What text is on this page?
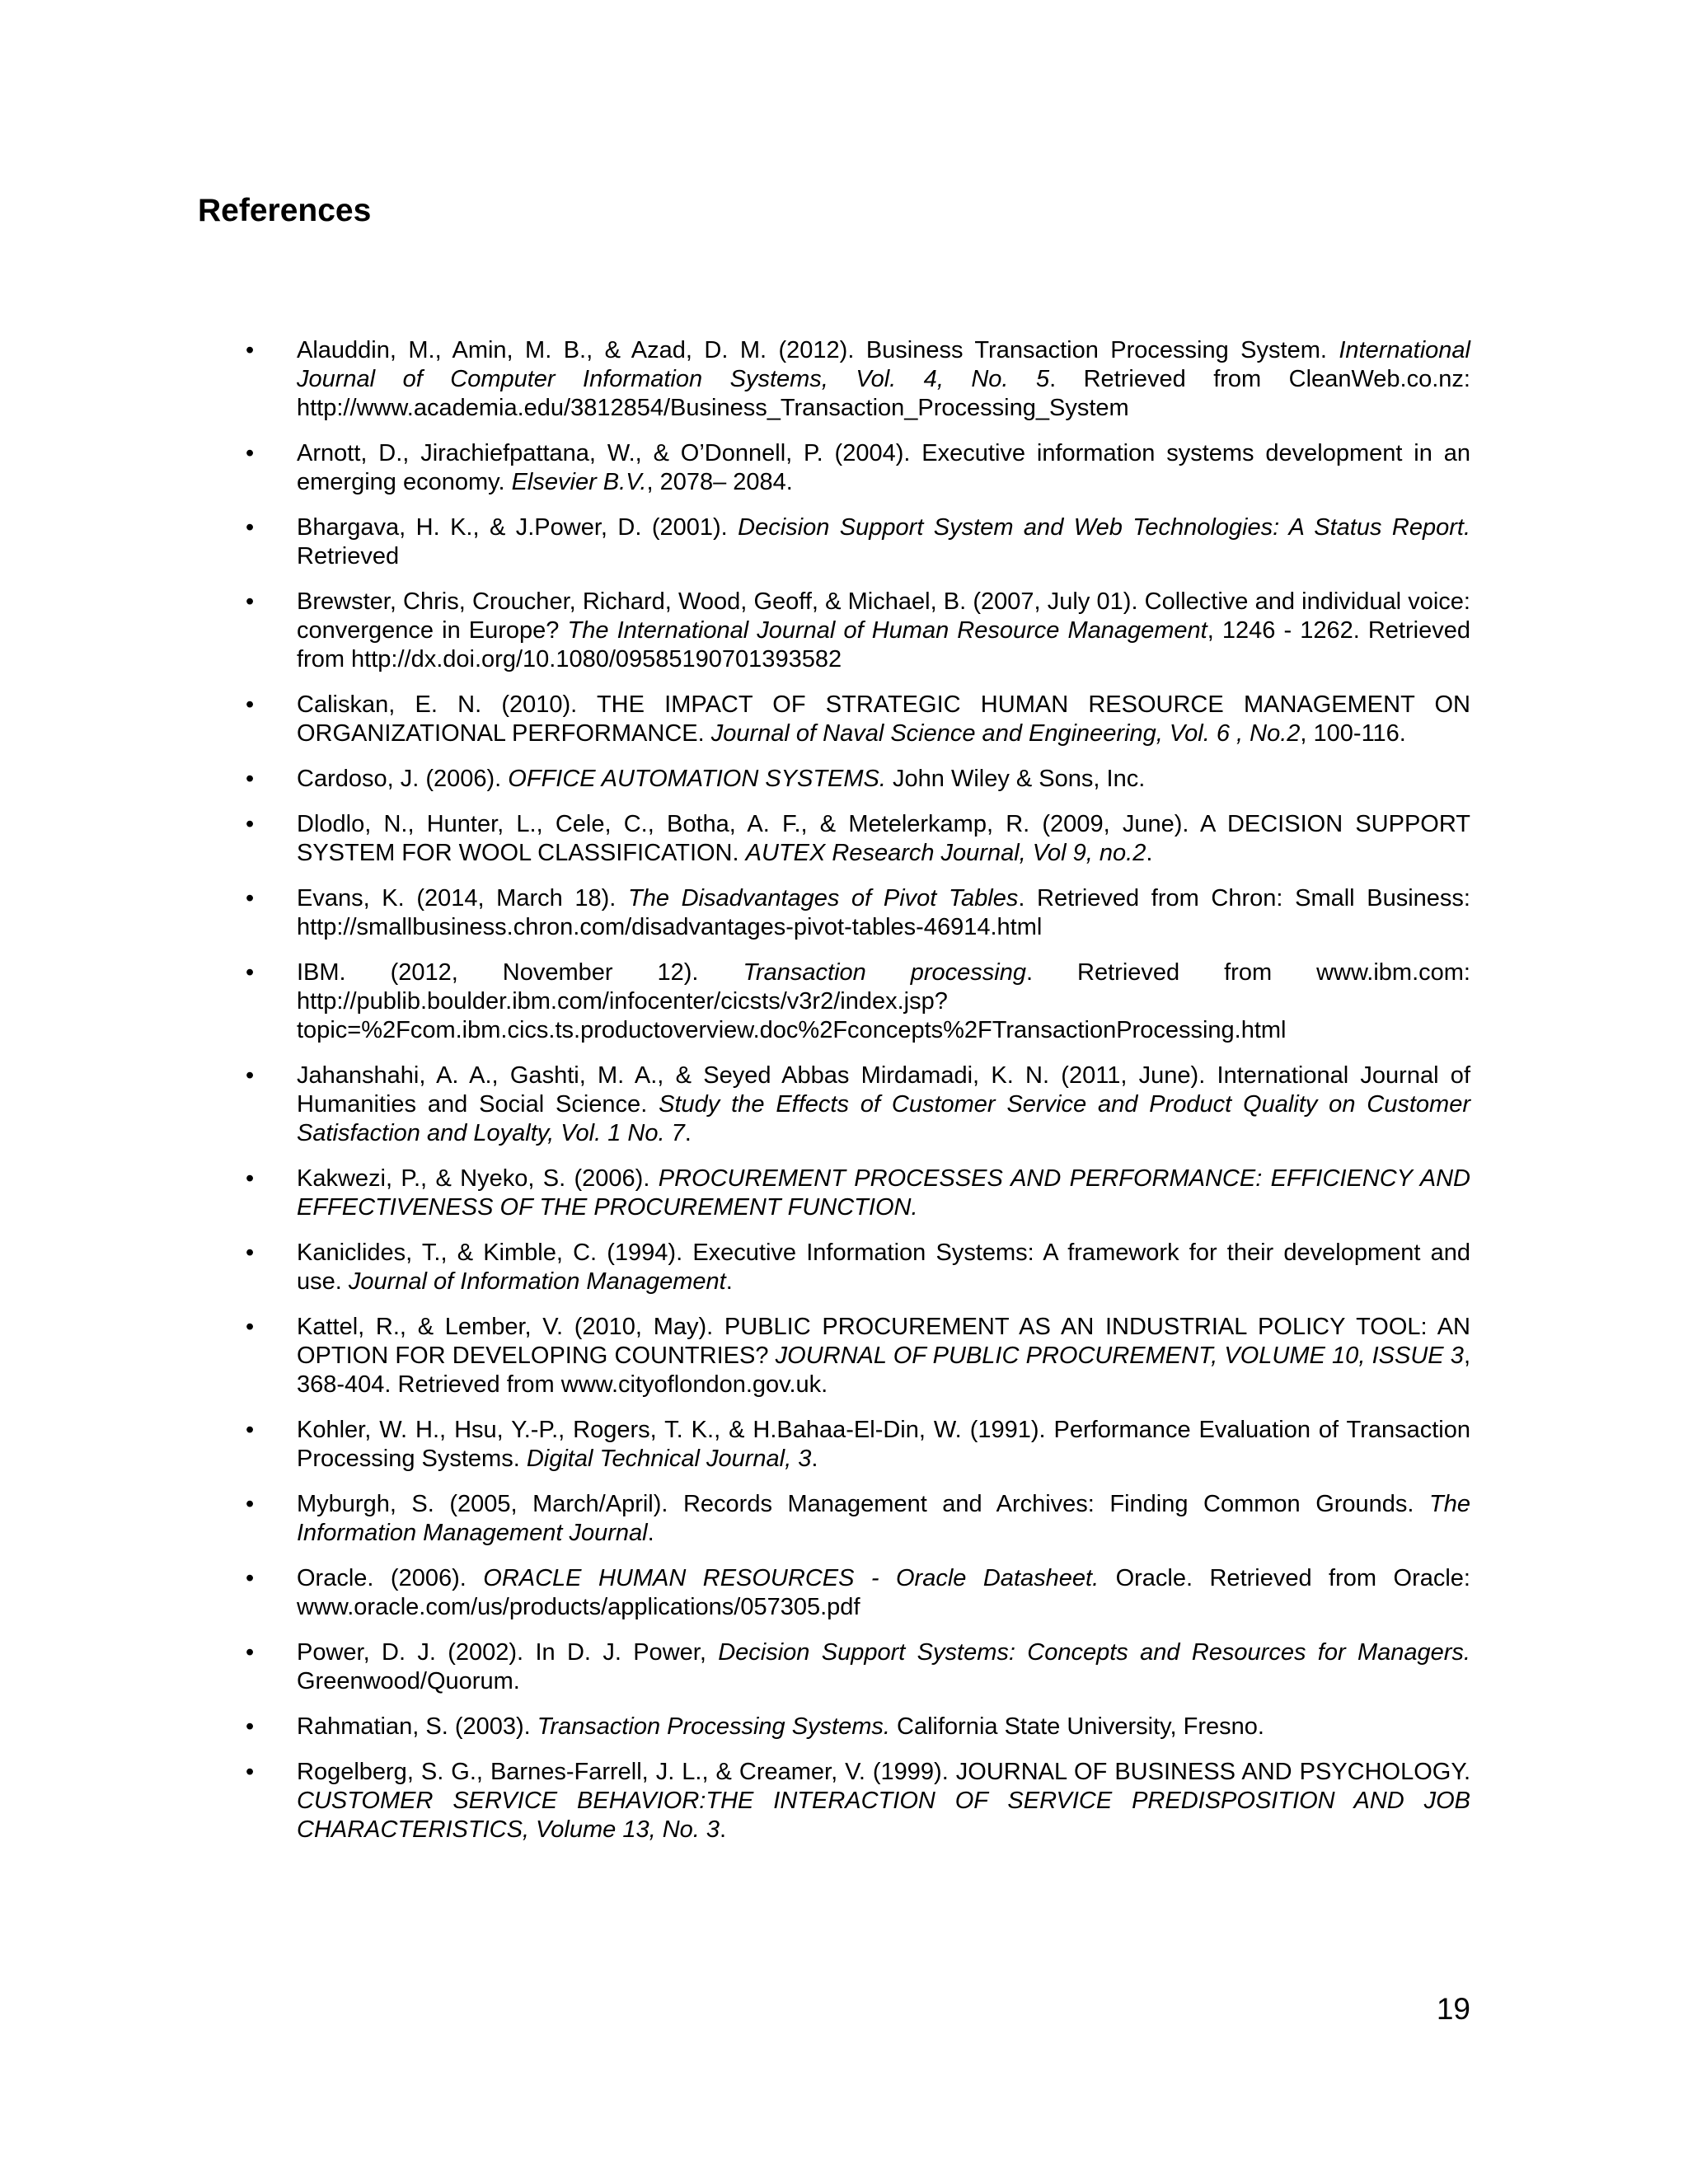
References
•	Alauddin, M., Amin, M. B., & Azad, D. M. (2012). Business Transaction Processing System. International Journal of Computer Information Systems, Vol. 4, No. 5. Retrieved from CleanWeb.co.nz: http://www.academia.edu/3812854/Business_Transaction_Processing_System
•	Arnott, D., Jirachiefpattana, W., & O’Donnell, P. (2004). Executive information systems development in an emerging economy. Elsevier B.V., 2078– 2084.
•	Bhargava, H. K., & J.Power, D. (2001). Decision Support System and Web Technologies: A Status Report. Retrieved
•	Brewster, Chris, Croucher, Richard, Wood, Geoff, & Michael, B. (2007, July 01). Collective and individual voice: convergence in Europe? The International Journal of Human Resource Management, 1246 - 1262. Retrieved from http://dx.doi.org/10.1080/09585190701393582
•	Caliskan, E. N. (2010). THE IMPACT OF STRATEGIC HUMAN RESOURCE MANAGEMENT ON ORGANIZATIONAL PERFORMANCE. Journal of Naval Science and Engineering, Vol. 6 , No.2, 100-116.
•	Cardoso, J. (2006). OFFICE AUTOMATION SYSTEMS. John Wiley & Sons, Inc.
•	Dlodlo, N., Hunter, L., Cele, C., Botha, A. F., & Metelerkamp, R. (2009, June). A DECISION SUPPORT SYSTEM FOR WOOL CLASSIFICATION. AUTEX Research Journal, Vol 9, no.2.
•	Evans, K. (2014, March 18). The Disadvantages of Pivot Tables. Retrieved from Chron: Small Business: http://smallbusiness.chron.com/disadvantages-pivot-tables-46914.html
•	IBM. (2012, November 12). Transaction processing. Retrieved from www.ibm.com: http://publib.boulder.ibm.com/infocenter/cicsts/v3r2/index.jsp?topic=%2Fcom.ibm.cics.ts.productoverview.doc%2Fconcepts%2FTransactionProcessing.html
•	Jahanshahi, A. A., Gashti, M. A., & Seyed Abbas Mirdamadi, K. N. (2011, June). International Journal of Humanities and Social Science. Study the Effects of Customer Service and Product Quality on Customer Satisfaction and Loyalty, Vol. 1 No. 7.
•	Kakwezi, P., & Nyeko, S. (2006). PROCUREMENT PROCESSES AND PERFORMANCE: EFFICIENCY AND EFFECTIVENESS OF THE PROCUREMENT FUNCTION.
•	Kaniclides, T., & Kimble, C. (1994). Executive Information Systems: A framework for their development and use. Journal of Information Management.
•	Kattel, R., & Lember, V. (2010, May). PUBLIC PROCUREMENT AS AN INDUSTRIAL POLICY TOOL: AN OPTION FOR DEVELOPING COUNTRIES? JOURNAL OF PUBLIC PROCUREMENT, VOLUME 10, ISSUE 3, 368-404. Retrieved from www.cityoflondon.gov.uk.
•	Kohler, W. H., Hsu, Y.-P., Rogers, T. K., & H.Bahaa-El-Din, W. (1991). Performance Evaluation of Transaction Processing Systems. Digital Technical Journal, 3.
•	Myburgh, S. (2005, March/April). Records Management and Archives: Finding Common Grounds. The Information Management Journal.
•	Oracle. (2006). ORACLE HUMAN RESOURCES - Oracle Datasheet. Oracle. Retrieved from Oracle: www.oracle.com/us/products/applications/057305.pdf
•	Power, D. J. (2002). In D. J. Power, Decision Support Systems: Concepts and Resources for Managers. Greenwood/Quorum.
•	Rahmatian, S. (2003). Transaction Processing Systems. California State University, Fresno.
•	Rogelberg, S. G., Barnes-Farrell, J. L., & Creamer, V. (1999). JOURNAL OF BUSINESS AND PSYCHOLOGY. CUSTOMER SERVICE BEHAVIOR:THE INTERACTION OF SERVICE PREDISPOSITION AND JOB CHARACTERISTICS, Volume 13, No. 3.
19
